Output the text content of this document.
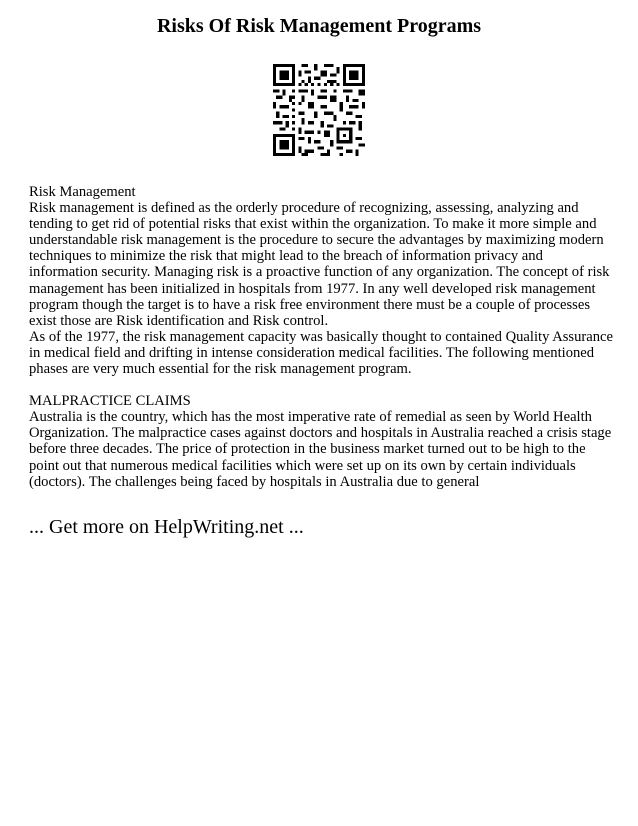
Risks Of Risk Management Programs

Risk Management

Risk management is defined as the orderly procedure of recognizing, assessing, analyzing and tending to get rid of potential risks that exist within the organization. To make it more simple and understandable risk management is the procedure to secure the advantages by maximizing modern techniques to minimize the risk that might lead to the breach of information privacy and information security. Managing risk is a proactive function of any organization. The concept of risk management has been initialized in hospitals from 1977. In any well developed risk management program though the target is to have a risk free environment there must be a couple of processes exist those are Risk identification and Risk control.

As of the 1977, the risk management capacity was basically thought to contained Quality Assurance in medical field and drifting in intense consideration medical facilities. The following mentioned phases are very much essential for the risk management program.

MALPRACTICE CLAIMS

Australia is the country, which has the most imperative rate of remedial as seen by World Health Organization. The malpractice cases against doctors and hospitals in Australia reached a crisis stage before three decades. The price of protection in the business market turned out to be high to the point out that numerous medical facilities which were set up on its own by certain individuals (doctors). The challenges being faced by hospitals in Australia due to general

... Get more on HelpWriting.net ...
